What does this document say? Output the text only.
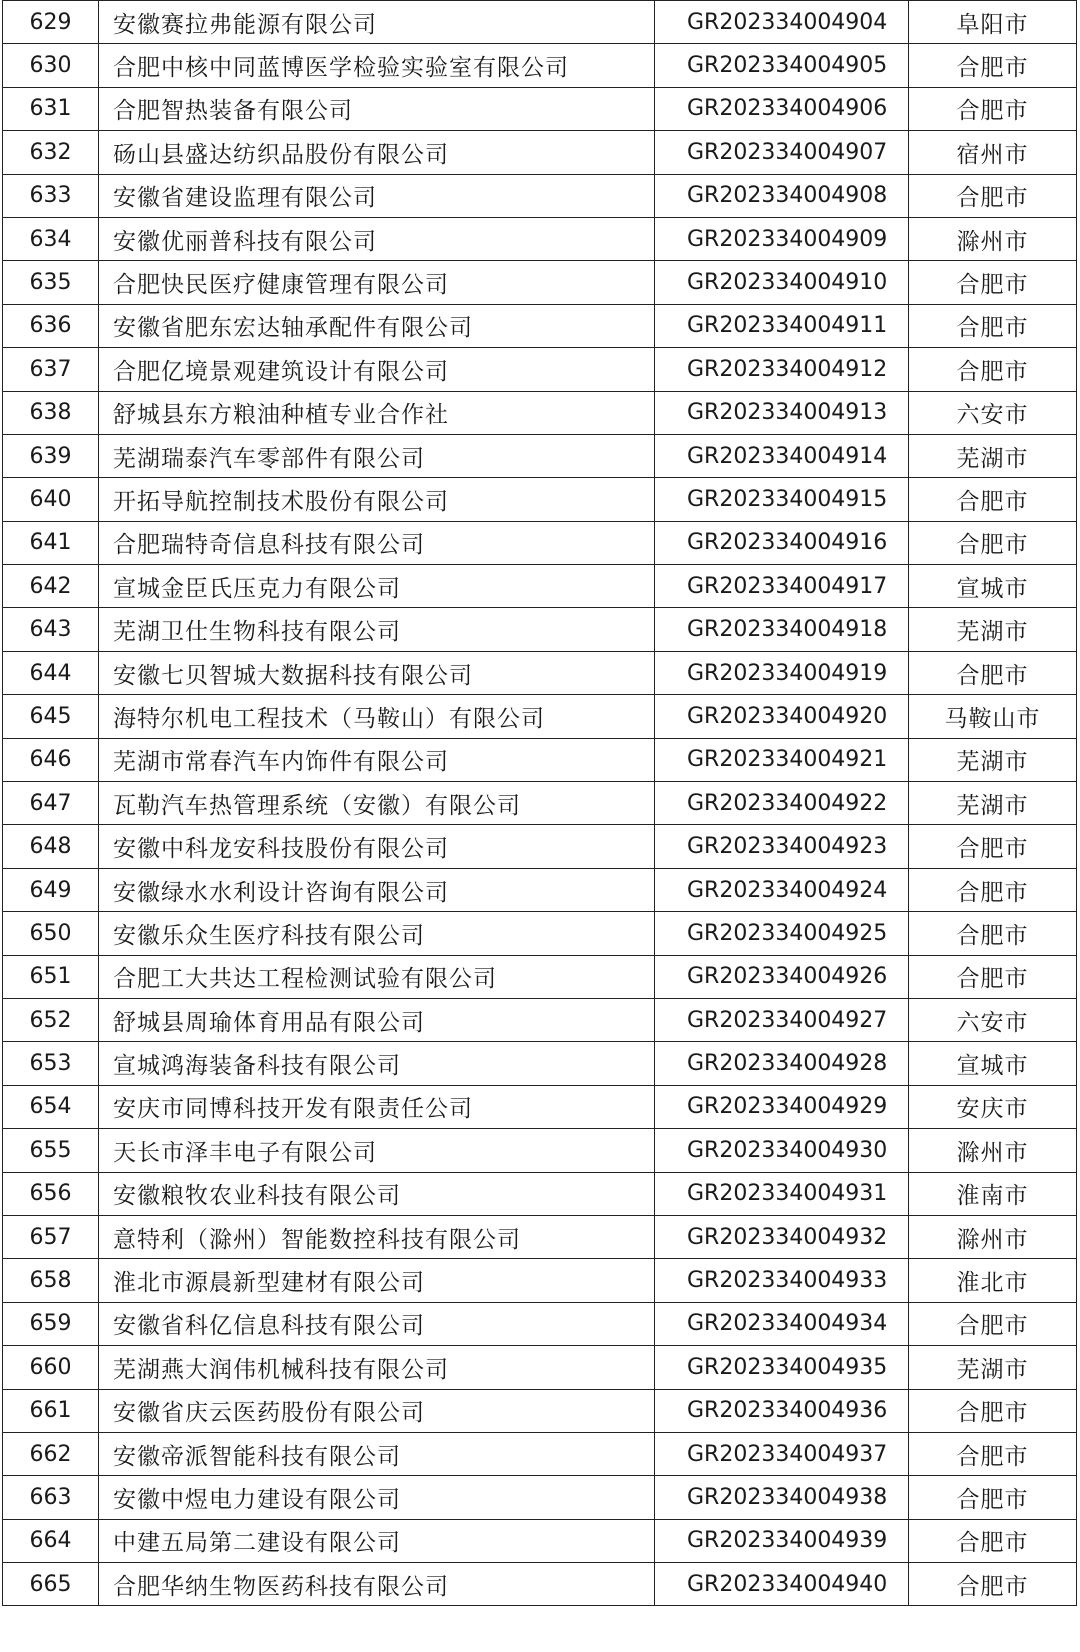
629	安徽赛拉弗能源有限公司	GR202334004904	阜阳市
630	合肥中核中同蓝博医学检验实验室有限公司	GR202334004905	合肥市
631	合肥智热装备有限公司	GR202334004906	合肥市
632	砀山县盛达纺织品股份有限公司	GR202334004907	宿州市
633	安徽省建设监理有限公司	GR202334004908	合肥市
634	安徽优丽普科技有限公司	GR202334004909	滁州市
635	合肥快民医疗健康管理有限公司	GR202334004910	合肥市
636	安徽省肥东宏达轴承配件有限公司	GR202334004911	合肥市
637	合肥亿境景观建筑设计有限公司	GR202334004912	合肥市
638	舒城县东方粮油种植专业合作社	GR202334004913	六安市
639	芜湖瑞泰汽车零部件有限公司	GR202334004914	芜湖市
640	开拓导航控制技术股份有限公司	GR202334004915	合肥市
641	合肥瑞特奇信息科技有限公司	GR202334004916	合肥市
642	宣城金臣氏压克力有限公司	GR202334004917	宣城市
643	芜湖卫仕生物科技有限公司	GR202334004918	芜湖市
644	安徽七贝智城大数据科技有限公司	GR202334004919	合肥市
645	海特尔机电工程技术（马鞍山）有限公司	GR202334004920	马鞍山市
646	芜湖市常春汽车内饰件有限公司	GR202334004921	芜湖市
647	瓦勒汽车热管理系统（安徽）有限公司	GR202334004922	芜湖市
648	安徽中科龙安科技股份有限公司	GR202334004923	合肥市
649	安徽绿水水利设计咨询有限公司	GR202334004924	合肥市
650	安徽乐众生医疗科技有限公司	GR202334004925	合肥市
651	合肥工大共达工程检测试验有限公司	GR202334004926	合肥市
652	舒城县周瑜体育用品有限公司	GR202334004927	六安市
653	宣城鸿海装备科技有限公司	GR202334004928	宣城市
654	安庆市同博科技开发有限责任公司	GR202334004929	安庆市
655	天长市泽丰电子有限公司	GR202334004930	滁州市
656	安徽粮牧农业科技有限公司	GR202334004931	淮南市
657	意特利（滁州）智能数控科技有限公司	GR202334004932	滁州市
658	淮北市源晨新型建材有限公司	GR202334004933	淮北市
659	安徽省科亿信息科技有限公司	GR202334004934	合肥市
660	芜湖燕大润伟机械科技有限公司	GR202334004935	芜湖市
661	安徽省庆云医药股份有限公司	GR202334004936	合肥市
662	安徽帝派智能科技有限公司	GR202334004937	合肥市
663	安徽中煜电力建设有限公司	GR202334004938	合肥市
664	中建五局第二建设有限公司	GR202334004939	合肥市
665	合肥华纳生物医药科技有限公司	GR202334004940	合肥市
